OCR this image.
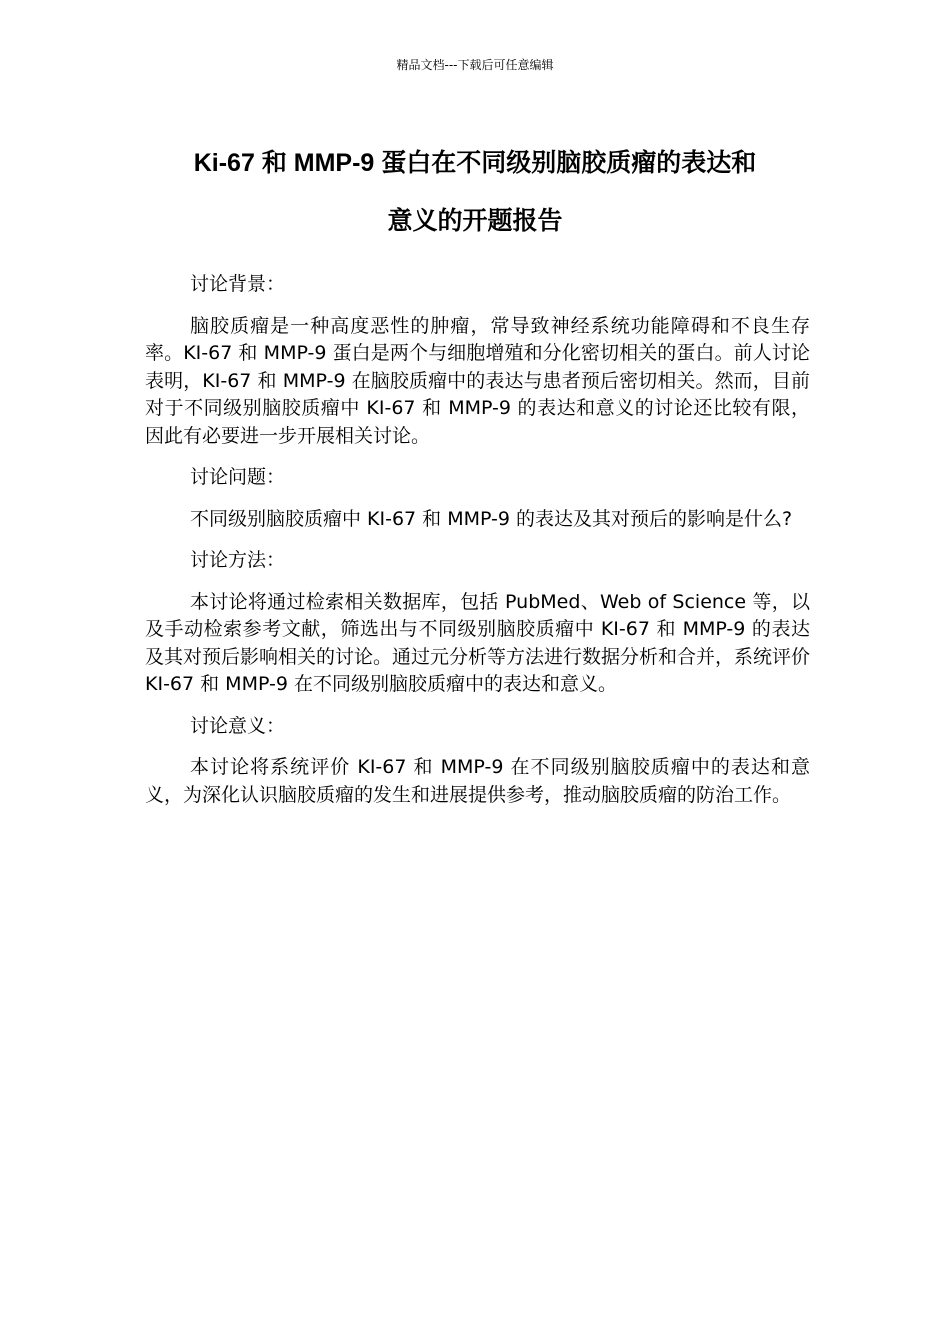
精品文档---下载后可任意编辑
Ki-67 和 MMP-9 蛋白在不同级别脑胶质瘤的表达和
意义的开题报告
讨论背景：
脑胶质瘤是一种高度恶性的肿瘤，常导致神经系统功能障碍和不良生存率。KI-67 和 MMP-9 蛋白是两个与细胞增殖和分化密切相关的蛋白。前人讨论表明，KI-67 和 MMP-9 在脑胶质瘤中的表达与患者预后密切相关。然而，目前对于不同级别脑胶质瘤中 KI-67 和 MMP-9 的表达和意义的讨论还比较有限，因此有必要进一步开展相关讨论。
讨论问题：
不同级别脑胶质瘤中 KI-67 和 MMP-9 的表达及其对预后的影响是什么?
讨论方法：
本讨论将通过检索相关数据库，包括 PubMed、Web of Science 等，以及手动检索参考文献，筛选出与不同级别脑胶质瘤中 KI-67 和 MMP-9 的表达及其对预后影响相关的讨论。通过元分析等方法进行数据分析和合并，系统评价 KI-67 和 MMP-9 在不同级别脑胶质瘤中的表达和意义。
讨论意义：
本讨论将系统评价 KI-67 和 MMP-9 在不同级别脑胶质瘤中的表达和意义，为深化认识脑胶质瘤的发生和进展提供参考，推动脑胶质瘤的防治工作。
